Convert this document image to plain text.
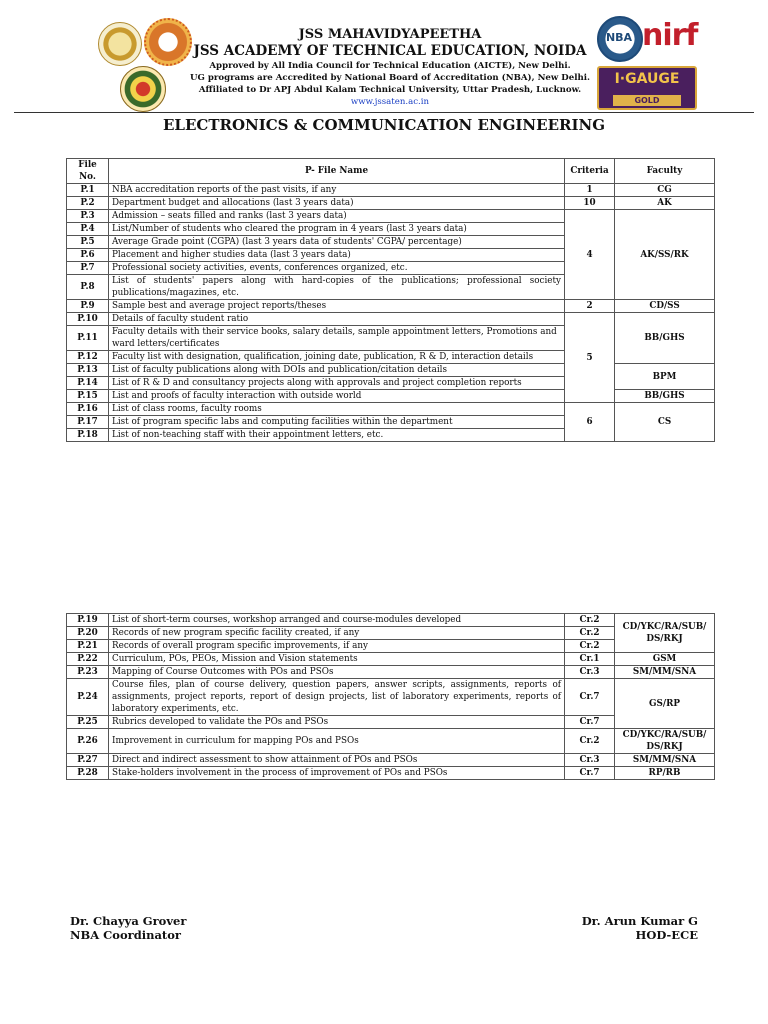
NBA nirf
I·GAUGE
GOLD
JSS MAHAVIDYAPEETHA
JSS ACADEMY OF TECHNICAL EDUCATION, NOIDA
Approved by All India Council for Technical Education (AICTE), New Delhi.
UG programs are Accredited by National Board of Accreditation (NBA), New Delhi.
Affiliated to Dr APJ Abdul Kalam Technical University, Uttar Pradesh, Lucknow.
www.jssaten.ac.in
ELECTRONICS & COMMUNICATION ENGINEERING
File No.	P- File Name	Criteria	Faculty
P.1	NBA accreditation reports of the past visits, if any	1	CG
P.2	Department budget and allocations (last 3 years data)	10	AK
P.3	Admission – seats filled and ranks (last 3 years data)	4	AK/SS/RK
P.4	List/Number of students who cleared the program in 4 years (last 3 years data)		
P.5	Average Grade point (CGPA) (last 3 years data of students' CGPA/ percentage)		
P.6	Placement and higher studies data (last 3 years data)		
P.7	Professional society activities, events, conferences organized, etc.		
P.8	List of students' papers along with hard-copies of the publications; professional society publications/magazines, etc.		
P.9	Sample best and average project reports/theses	2	CD/SS
P.10	Details of faculty student ratio	5	BB/GHS
P.11	Faculty details with their service books, salary details, sample appointment letters, Promotions and ward letters/certificates		
P.12	Faculty list with designation, qualification, joining date, publication, R & D, interaction details		
P.13	List of faculty publications along with DOIs and publication/citation details		BPM
P.14	List of R & D and consultancy projects along with approvals and project completion reports		
P.15	List and proofs of faculty interaction with outside world		BB/GHS
P.16	List of class rooms, faculty rooms	6	CS
P.17	List of program specific labs and computing facilities within the department		
P.18	List of non-teaching staff with their appointment letters, etc.		
P.19	List of short-term courses, workshop arranged and course-modules developed	Cr.2	CD/YKC/RA/SUB/ DS/RKJ
P.20	Records of new program specific facility created, if any	Cr.2	
P.21	Records of overall program specific improvements, if any	Cr.2	
P.22	Curriculum, POs, PEOs, Mission and Vision statements	Cr.1	GSM
P.23	Mapping of Course Outcomes with POs and PSOs	Cr.3	SM/MM/SNA
P.24	Course files, plan of course delivery, question papers, answer scripts, assignments, reports of assignments, project reports, report of design projects, list of laboratory experiments, reports of laboratory experiments, etc.	Cr.7	GS/RP
P.25	Rubrics developed to validate the POs and PSOs	Cr.7	
P.26	Improvement in curriculum for mapping POs and PSOs	Cr.2	CD/YKC/RA/SUB/ DS/RKJ
P.27	Direct and indirect assessment to show attainment of POs and PSOs	Cr.3	SM/MM/SNA
P.28	Stake-holders involvement in the process of improvement of POs and PSOs	Cr.7	RP/RB
Dr. Chayya Grover
NBA Coordinator
Dr. Arun Kumar G
HOD-ECE
